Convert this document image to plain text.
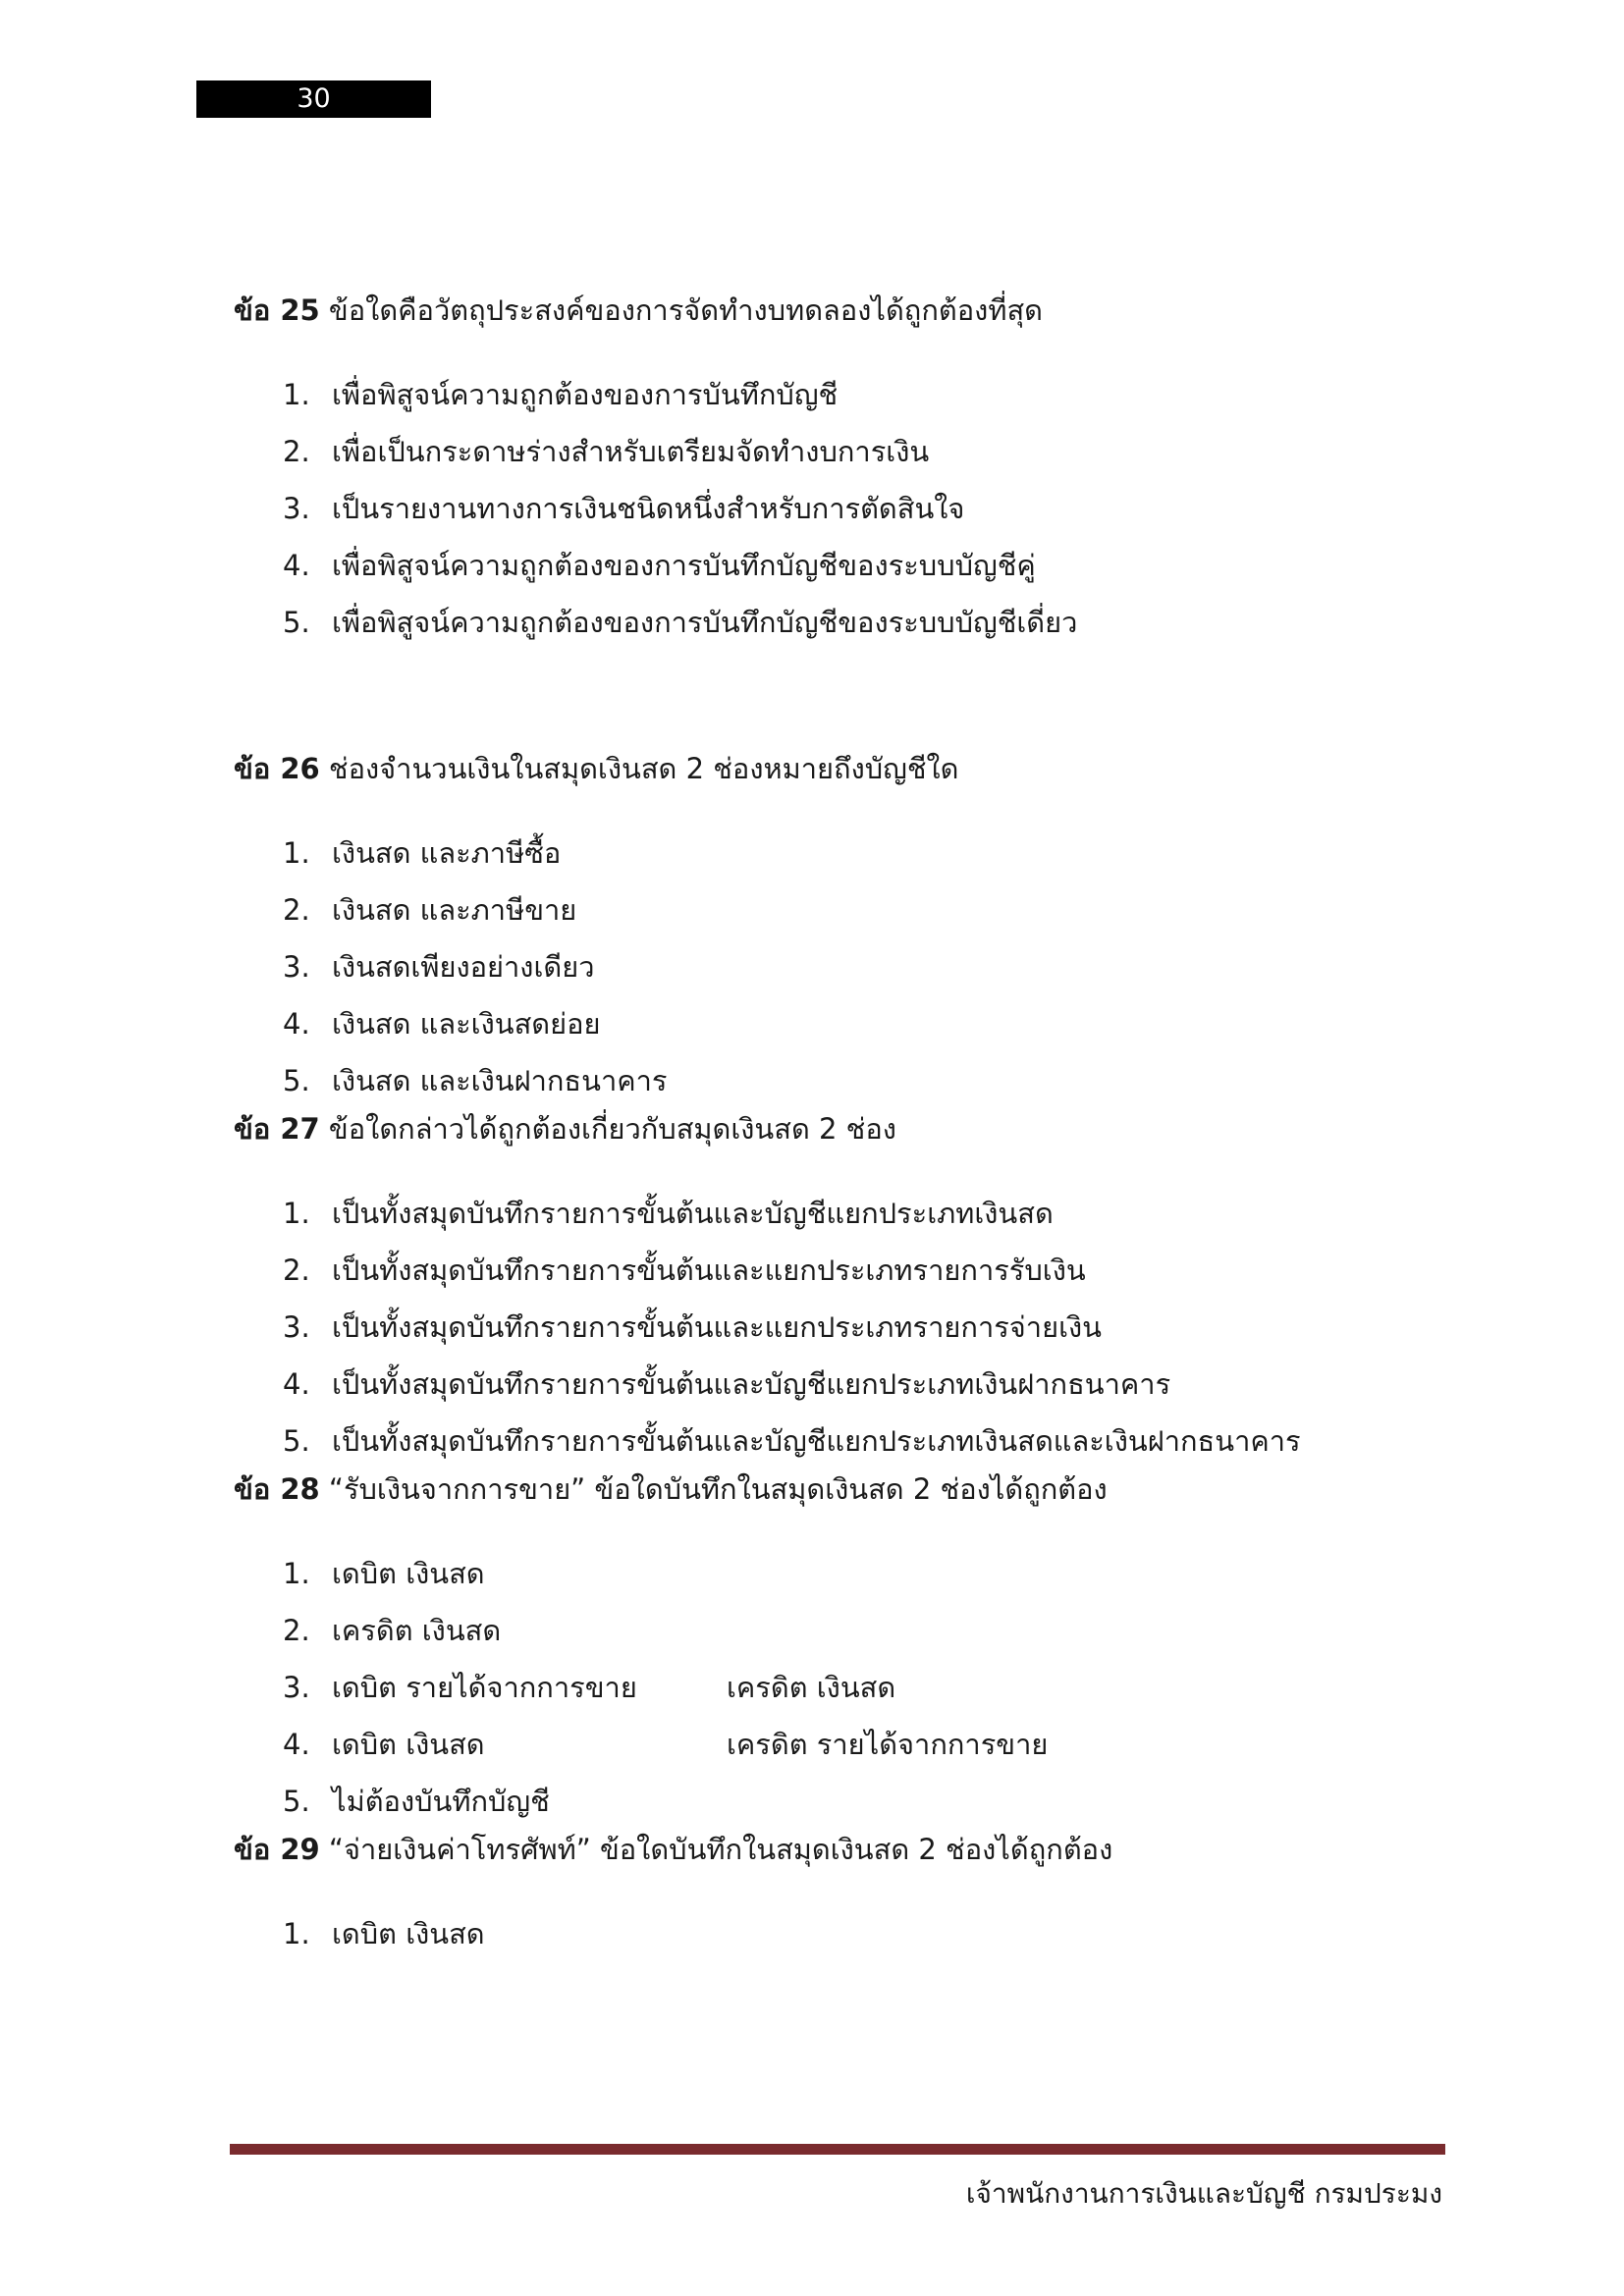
30
ข้อ 25 ข้อใดคือวัตถุประสงค์ของการจัดทำงบทดลองได้ถูกต้องที่สุด
1. เพื่อพิสูจน์ความถูกต้องของการบันทึกบัญชี
2. เพื่อเป็นกระดาษร่างสำหรับเตรียมจัดทำงบการเงิน
3. เป็นรายงานทางการเงินชนิดหนึ่งสำหรับการตัดสินใจ
4. เพื่อพิสูจน์ความถูกต้องของการบันทึกบัญชีของระบบบัญชีคู่
5. เพื่อพิสูจน์ความถูกต้องของการบันทึกบัญชีของระบบบัญชีเดี่ยว
ข้อ 26 ช่องจำนวนเงินในสมุดเงินสด 2 ช่องหมายถึงบัญชีใด
1. เงินสด และภาษีซื้อ
2. เงินสด และภาษีขาย
3. เงินสดเพียงอย่างเดียว
4. เงินสด และเงินสดย่อย
5. เงินสด และเงินฝากธนาคาร
ข้อ 27 ข้อใดกล่าวได้ถูกต้องเกี่ยวกับสมุดเงินสด 2 ช่อง
1. เป็นทั้งสมุดบันทึกรายการขั้นต้นและบัญชีแยกประเภทเงินสด
2. เป็นทั้งสมุดบันทึกรายการขั้นต้นและแยกประเภทรายการรับเงิน
3. เป็นทั้งสมุดบันทึกรายการขั้นต้นและแยกประเภทรายการจ่ายเงิน
4. เป็นทั้งสมุดบันทึกรายการขั้นต้นและบัญชีแยกประเภทเงินฝากธนาคาร
5. เป็นทั้งสมุดบันทึกรายการขั้นต้นและบัญชีแยกประเภทเงินสดและเงินฝากธนาคาร
ข้อ 28 “รับเงินจากการขาย” ข้อใดบันทึกในสมุดเงินสด 2 ช่องได้ถูกต้อง
1. เดบิต เงินสด
2. เครดิต เงินสด
3. เดบิต รายได้จากการขาย	เครดิต เงินสด
4. เดบิต เงินสด	เครดิต รายได้จากการขาย
5. ไม่ต้องบันทึกบัญชี
ข้อ 29 “จ่ายเงินค่าโทรศัพท์” ข้อใดบันทึกในสมุดเงินสด 2 ช่องได้ถูกต้อง
1. เดบิต เงินสด
เจ้าพนักงานการเงินและบัญชี กรมประมง
